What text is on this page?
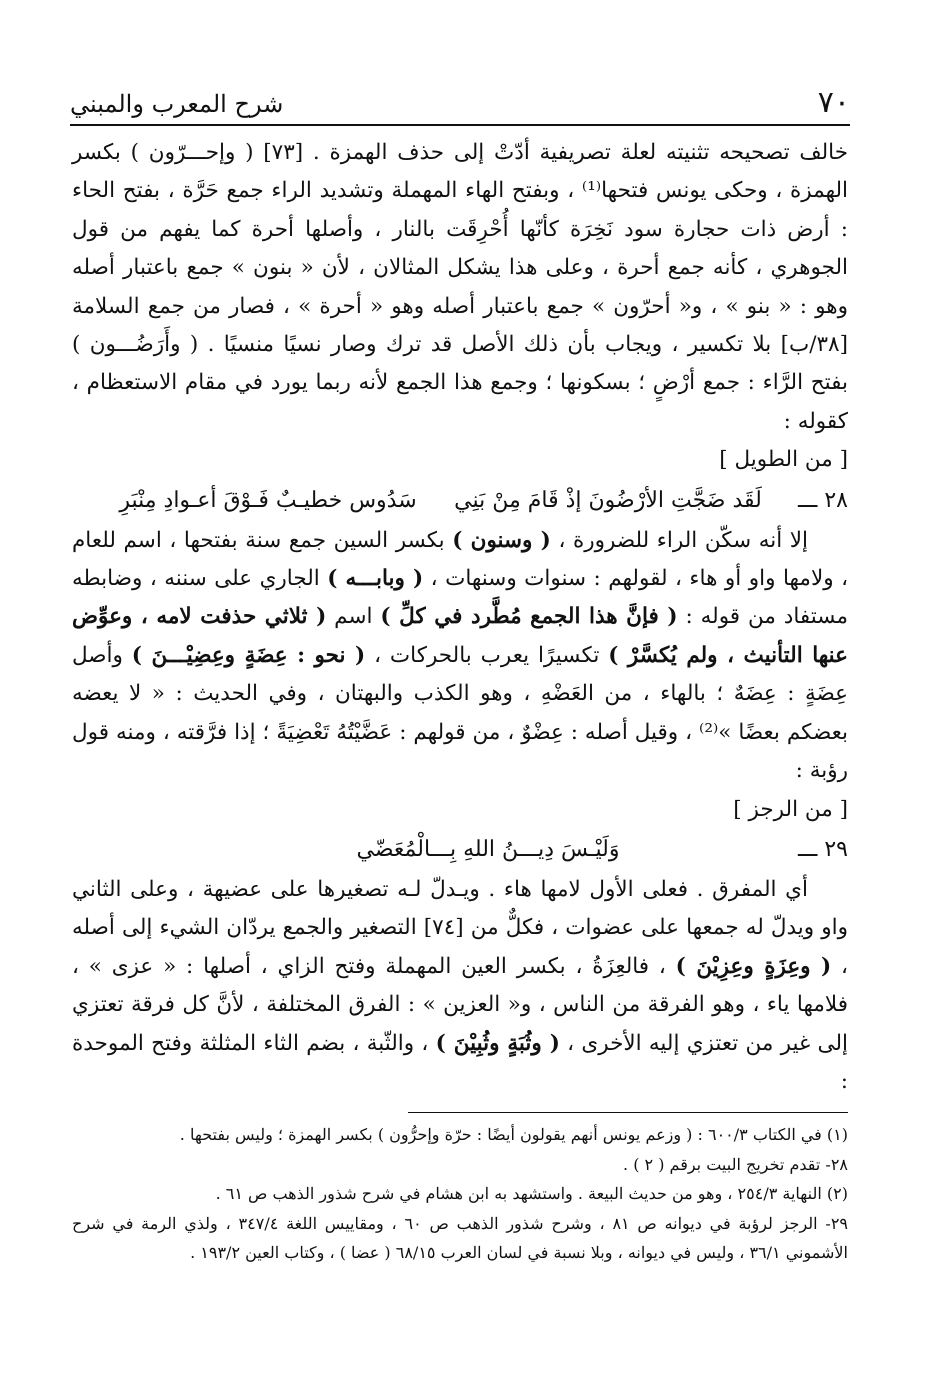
٧٠
شرح المعرب والمبني

خالف تصحيحه تثنيته لعلة تصريفية أدّتْ إلى حذف الهمزة . [٧٣] ( وإحـــرّون ) بكسر الهمزة ، وحكى يونس فتحها⁽¹⁾ ، وبفتح الهاء المهملة وتشديد الراء جمع حَرَّة ، بفتح الحاء : أرض ذات حجارة سود نَخِرَة كأنّها أُحْرِقَت بالنار ، وأصلها أحرة كما يفهم من قول الجوهري ، كأنه جمع أحرة ، وعلى هذا يشكل المثالان ، لأن « بنون » جمع باعتبار أصله وهو : « بنو » ، و« أحرّون » جمع باعتبار أصله وهو « أحرة » ، فصار من جمع السلامة [٣٨/ب] بلا تكسير ، ويجاب بأن ذلك الأصل قد ترك وصار نسيًا منسيًا . ( وأَرَضُـــون ) بفتح الرَّاء : جمع أرْضٍ ؛ بسكونها ؛ وجمع هذا الجمع لأنه ربما يورد في مقام الاستعظام ، كقوله :

[ من الطويل ]

٢٨ ـــ
لَقَد ضَجَّتِ الأرْضُونَ إذْ قَامَ مِنْ بَنِي
سَدُوس خطيـبٌ فَـوْقَ أعـوادِ مِنْبَرِ

إلا أنه سكّن الراء للضرورة ، ( وسنون ) بكسر السين جمع سنة بفتحها ، اسم للعام ، ولامها واو أو هاء ، لقولهم : سنوات وسنهات ، ( وبابـــه ) الجاري على سننه ، وضابطه مستفاد من قوله : ( فإنَّ هذا الجمع مُطَّرد في كلِّ ) اسم ( ثلاثي حذفت لامه ، وعوِّض عنها التأنيث ، ولم يُكسَّرْ ) تكسيرًا يعرب بالحركات ، ( نحو : عِضَةٍ وعِضِيْـــنَ ) وأصل عِضَةٍ : عِضَهٌ ؛ بالهاء ، من العَضْهِ ، وهو الكذب والبهتان ، وفي الحديث : « لا يعضه بعضكم بعضًا »⁽²⁾ ، وقيل أصله : عِضْوٌ ، من قولهم : عَضَّيْتُهُ تَعْضِيَةً ؛ إذا فرَّقته ، ومنه قول رؤبة :

[ من الرجز ]

٢٩ ـــ
وَلَيْـسَ دِيـــنُ اللهِ بِـــالْمُعَضّي

أي المفرق . فعلى الأول لامها هاء . ويـدلّ لـه تصغيرها على عضيهة ، وعلى الثاني واو ويدلّ له جمعها على عضوات ، فكلٌّ من [٧٤] التصغير والجمع يردّان الشيء إلى أصله ، ( وعِزَةٍ وعِزِيْنَ ) ، فالعِزَةُ ، بكسر العين المهملة وفتح الزاي ، أصلها : « عزى » ، فلامها ياء ، وهو الفرقة من الناس ، و« العزين » : الفرق المختلفة ، لأنَّ كل فرقة تعتزي إلى غير من تعتزي إليه الأخرى ، ( وثُبَةٍ وثُبِيْنَ ) ، والثّبة ، بضم الثاء المثلثة وفتح الموحدة :

(١) في الكتاب ٦٠٠/٣ : ( وزعم يونس أنهم يقولون أيضًا : حرّة وإحرُّون ) بكسر الهمزة ؛ وليس بفتحها .

٢٨- تقدم تخريج البيت برقم ( ٢ ) .

(٢) النهاية ٢٥٤/٣ ، وهو من حديث البيعة . واستشهد به ابن هشام في شرح شذور الذهب ص ٦١ .

٢٩- الرجز لرؤبة في ديوانه ص ٨١ ، وشرح شذور الذهب ص ٦٠ ، ومقاييس اللغة ٣٤٧/٤ ، ولذي الرمة في شرح الأشموني ٣٦/١ ، وليس في ديوانه ، وبلا نسبة في لسان العرب ٦٨/١٥ ( عضا ) ، وكتاب العين ١٩٣/٢ .
